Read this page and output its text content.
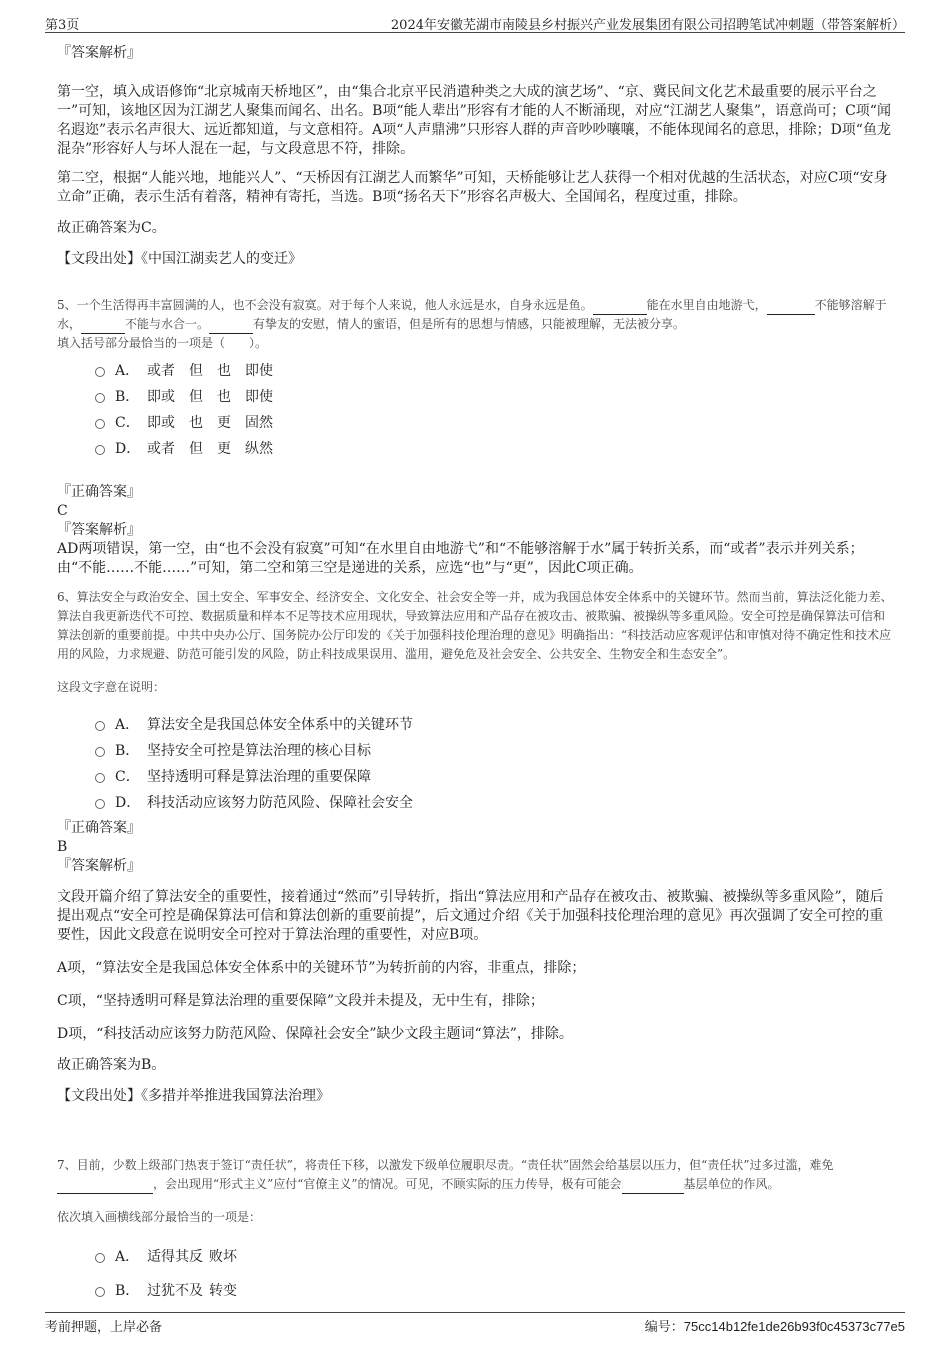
第3页	2024年安徽芜湖市南陵县乡村振兴产业发展集团有限公司招聘笔试冲刺题（带答案解析）

『答案解析』

第一空，填入成语修饰“北京城南天桥地区”，由“集合北京平民消遣种类之大成的演艺场”、“京、冀民间文化艺术最重要的展示平台之一”可知，该地区因为江湖艺人聚集而闻名、出名。B项“能人辈出”形容有才能的人不断涌现，对应“江湖艺人聚集”，语意尚可；C项“闻名遐迩”表示名声很大、远近都知道，与文意相符。A项“人声鼎沸”只形容人群的声音吵吵嚷嚷，不能体现闻名的意思，排除；D项“鱼龙混杂”形容好人与坏人混在一起，与文段意思不符，排除。

第二空，根据“人能兴地，地能兴人”、“天桥因有江湖艺人而繁华”可知，天桥能够让艺人获得一个相对优越的生活状态，对应C项“安身立命”正确，表示生活有着落，精神有寄托，当选。B项“扬名天下”形容名声极大、全国闻名，程度过重，排除。

故正确答案为C。

【文段出处】《中国江湖卖艺人的变迁》

5、一个生活得再丰富圆满的人，也不会没有寂寞。对于每个人来说，他人永远是水，自身永远是鱼。	能在水里自由地游弋，	不能够溶解于水，	不能与水合一。	有挚友的安慰，情人的蜜语，但是所有的思想与情感，只能被理解，无法被分享。

填入括号部分最恰当的一项是（　　）。

A． 或者 但 也 即使
B． 即或 但 也 即使
C． 即或 也 更 固然
D． 或者 但 更 纵然

『正确答案』

C

『答案解析』

AD两项错误，第一空，由“也不会没有寂寞”可知“在水里自由地游弋”和“不能够溶解于水”属于转折关系，而“或者”表示并列关系；由“不能……不能……”可知，第二空和第三空是递进的关系，应选“也”与“更”，因此C项正确。

6、算法安全与政治安全、国土安全、军事安全、经济安全、文化安全、社会安全等一并，成为我国总体安全体系中的关键环节。然而当前，算法泛化能力差、算法自我更新迭代不可控、数据质量和样本不足等技术应用现状，导致算法应用和产品存在被攻击、被欺骗、被操纵等多重风险。安全可控是确保算法可信和算法创新的重要前提。中共中央办公厅、国务院办公厅印发的《关于加强科技伦理治理的意见》明确指出：“科技活动应客观评估和审慎对待不确定性和技术应用的风险，力求规避、防范可能引发的风险，防止科技成果误用、滥用，避免危及社会安全、公共安全、生物安全和生态安全”。

这段文字意在说明：

A． 算法安全是我国总体安全体系中的关键环节
B． 坚持安全可控是算法治理的核心目标
C． 坚持透明可释是算法治理的重要保障
D． 科技活动应该努力防范风险、保障社会安全

『正确答案』

B

『答案解析』

文段开篇介绍了算法安全的重要性，接着通过“然而”引导转折，指出“算法应用和产品存在被攻击、被欺骗、被操纵等多重风险”，随后提出观点“安全可控是确保算法可信和算法创新的重要前提”，后文通过介绍《关于加强科技伦理治理的意见》再次强调了安全可控的重要性，因此文段意在说明安全可控对于算法治理的重要性，对应B项。

A项，“算法安全是我国总体安全体系中的关键环节”为转折前的内容，非重点，排除；

C项，“坚持透明可释是算法治理的重要保障”文段并未提及，无中生有，排除；

D项，“科技活动应该努力防范风险、保障社会安全”缺少文段主题词“算法”，排除。

故正确答案为B。

【文段出处】《多措并举推进我国算法治理》

7、目前，少数上级部门热衷于签订“责任状”，将责任下移，以激发下级单位履职尽责。“责任状”固然会给基层以压力，但“责任状”过多过滥，难免，会出现用“形式主义”应付“官僚主义”的情况。可见，不顾实际的压力传导，极有可能会	基层单位的作风。

依次填入画横线部分最恰当的一项是：

A． 适得其反 败坏
B． 过犹不及 转变
考前押题，上岸必备	编号：75cc14b12fe1de26b93f0c45373c77e5
